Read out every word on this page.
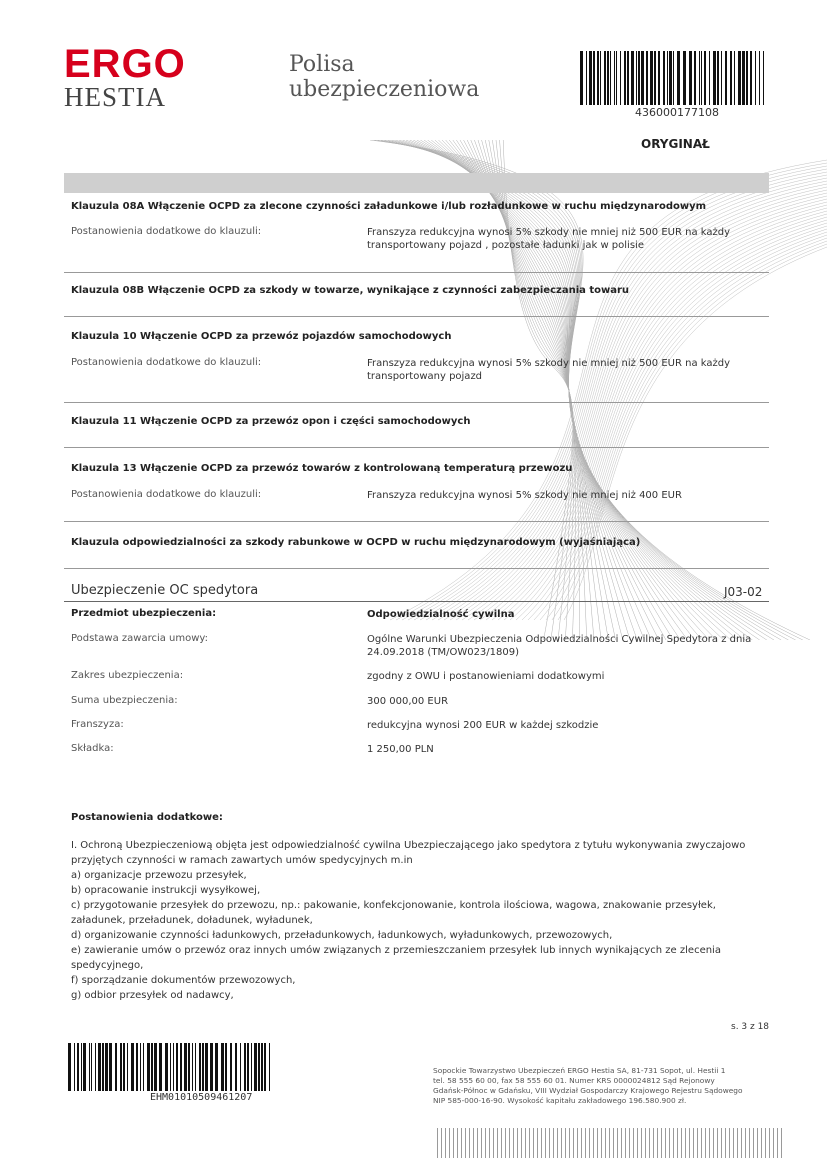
ERGO
HESTIA
Polisa
ubezpieczeniowa
436000177108
ORYGINAŁ
Klauzula 08A Włączenie OCPD za zlecone czynności załadunkowe i/lub rozładunkowe w ruchu międzynarodowym
Postanowienia dodatkowe do klauzuli:	Franszyza redukcyjna wynosi 5% szkody nie mniej niż 500 EUR na każdy
transportowany pojazd , pozostałe ładunki jak w polisie
Klauzula 08B Włączenie OCPD za szkody w towarze, wynikające z czynności zabezpieczania towaru
Klauzula 10 Włączenie OCPD za przewóz pojazdów samochodowych
Postanowienia dodatkowe do klauzuli:	Franszyza redukcyjna wynosi 5% szkody nie mniej niż 500 EUR na każdy
transportowany pojazd
Klauzula 11 Włączenie OCPD za przewóz opon i części samochodowych
Klauzula 13 Włączenie OCPD za przewóz towarów z kontrolowaną temperaturą przewozu
Postanowienia dodatkowe do klauzuli:	Franszyza redukcyjna wynosi 5% szkody nie mniej niż 400 EUR
Klauzula odpowiedzialności za szkody rabunkowe w OCPD w ruchu międzynarodowym (wyjaśniająca)
Ubezpieczenie OC spedytora	J03-02
Przedmiot ubezpieczenia:	Odpowiedzialność cywilna
Podstawa zawarcia umowy:	Ogólne Warunki Ubezpieczenia Odpowiedzialności Cywilnej Spedytora z dnia
24.09.2018 (TM/OW023/1809)
Zakres ubezpieczenia:	zgodny z OWU i postanowieniami dodatkowymi
Suma ubezpieczenia:	300 000,00 EUR
Franszyza:	redukcyjna wynosi 200 EUR w każdej szkodzie
Składka:	1 250,00 PLN
Postanowienia dodatkowe:
I. Ochroną Ubezpieczeniową objęta jest odpowiedzialność cywilna Ubezpieczającego jako spedytora z tytułu wykonywania zwyczajowo
przyjętych czynności w ramach zawartych umów spedycyjnych m.in
a) organizacje przewozu przesyłek,
b) opracowanie instrukcji wysyłkowej,
c) przygotowanie przesyłek do przewozu, np.: pakowanie, konfekcjonowanie, kontrola ilościowa, wagowa, znakowanie przesyłek,
załadunek, przeładunek, doładunek, wyładunek,
d) organizowanie czynności ładunkowych, przeładunkowych, ładunkowych, wyładunkowych, przewozowych,
e) zawieranie umów o przewóz oraz innych umów związanych z przemieszczaniem przesyłek lub innych wynikających ze zlecenia
spedycyjnego,
f) sporządzanie dokumentów przewozowych,
g) odbior przesyłek od nadawcy,
s. 3 z 18
EHM01010509461207
Sopockie Towarzystwo Ubezpieczeń ERGO Hestia SA, 81-731 Sopot, ul. Hestii 1
tel. 58 555 60 00, fax 58 555 60 01. Numer KRS 0000024812 Sąd Rejonowy
Gdańsk-Północ w Gdańsku, VIII Wydział Gospodarczy Krajowego Rejestru Sądowego
NIP 585-000-16-90. Wysokość kapitału zakładowego 196.580.900 zł.
